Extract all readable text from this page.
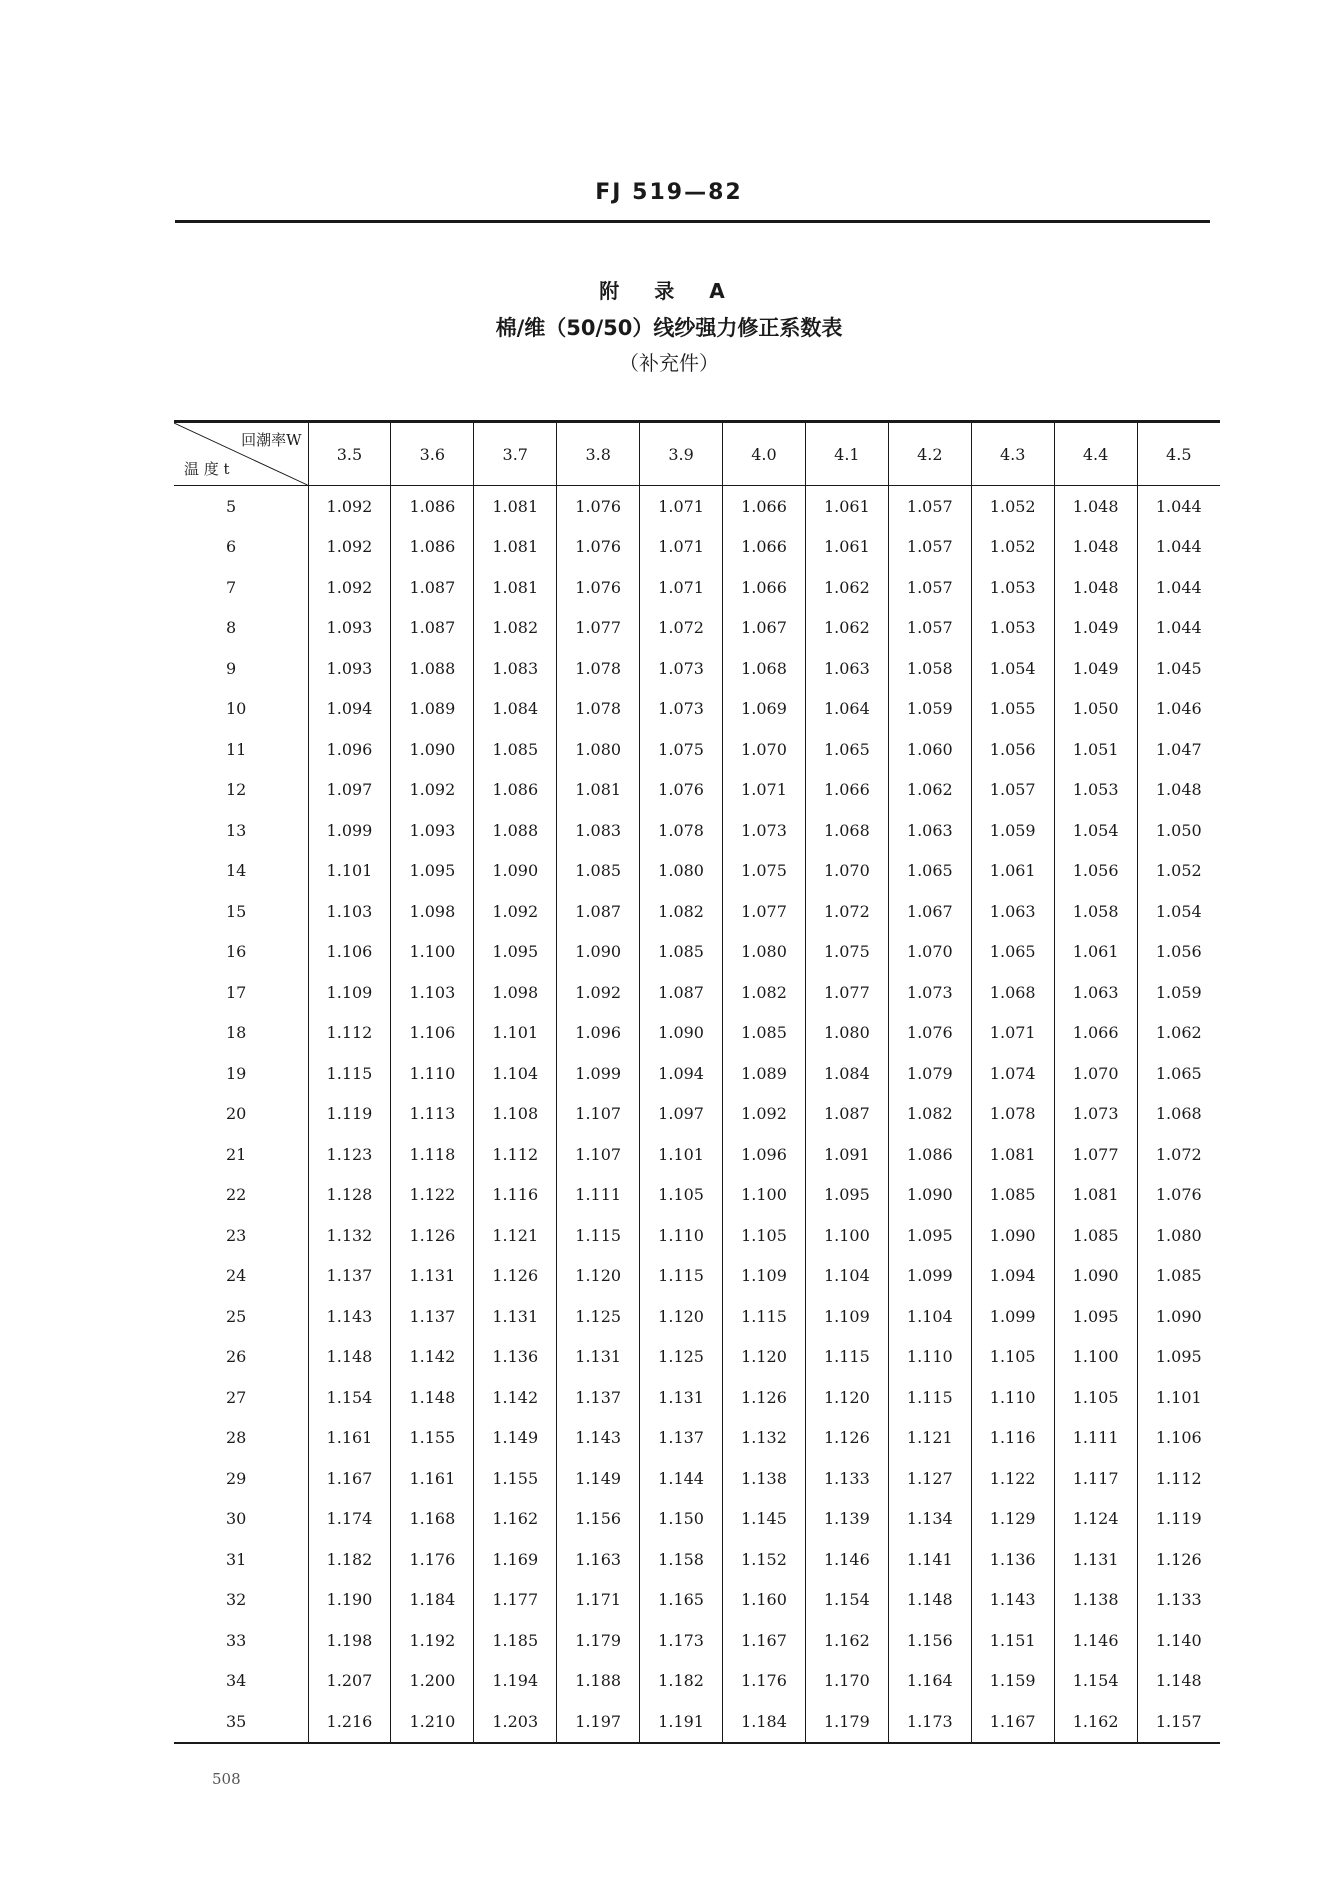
FJ 519—82
附 录 A
棉/维（50/50）线纱强力修正系数表
（补充件）
回潮率W
温 度 t	3.5	3.6	3.7	3.8	3.9	4.0	4.1	4.2	4.3	4.4	4.5
5	1.092	1.086	1.081	1.076	1.071	1.066	1.061	1.057	1.052	1.048	1.044
6	1.092	1.086	1.081	1.076	1.071	1.066	1.061	1.057	1.052	1.048	1.044
7	1.092	1.087	1.081	1.076	1.071	1.066	1.062	1.057	1.053	1.048	1.044
8	1.093	1.087	1.082	1.077	1.072	1.067	1.062	1.057	1.053	1.049	1.044
9	1.093	1.088	1.083	1.078	1.073	1.068	1.063	1.058	1.054	1.049	1.045
10	1.094	1.089	1.084	1.078	1.073	1.069	1.064	1.059	1.055	1.050	1.046
11	1.096	1.090	1.085	1.080	1.075	1.070	1.065	1.060	1.056	1.051	1.047
12	1.097	1.092	1.086	1.081	1.076	1.071	1.066	1.062	1.057	1.053	1.048
13	1.099	1.093	1.088	1.083	1.078	1.073	1.068	1.063	1.059	1.054	1.050
14	1.101	1.095	1.090	1.085	1.080	1.075	1.070	1.065	1.061	1.056	1.052
15	1.103	1.098	1.092	1.087	1.082	1.077	1.072	1.067	1.063	1.058	1.054
16	1.106	1.100	1.095	1.090	1.085	1.080	1.075	1.070	1.065	1.061	1.056
17	1.109	1.103	1.098	1.092	1.087	1.082	1.077	1.073	1.068	1.063	1.059
18	1.112	1.106	1.101	1.096	1.090	1.085	1.080	1.076	1.071	1.066	1.062
19	1.115	1.110	1.104	1.099	1.094	1.089	1.084	1.079	1.074	1.070	1.065
20	1.119	1.113	1.108	1.107	1.097	1.092	1.087	1.082	1.078	1.073	1.068
21	1.123	1.118	1.112	1.107	1.101	1.096	1.091	1.086	1.081	1.077	1.072
22	1.128	1.122	1.116	1.111	1.105	1.100	1.095	1.090	1.085	1.081	1.076
23	1.132	1.126	1.121	1.115	1.110	1.105	1.100	1.095	1.090	1.085	1.080
24	1.137	1.131	1.126	1.120	1.115	1.109	1.104	1.099	1.094	1.090	1.085
25	1.143	1.137	1.131	1.125	1.120	1.115	1.109	1.104	1.099	1.095	1.090
26	1.148	1.142	1.136	1.131	1.125	1.120	1.115	1.110	1.105	1.100	1.095
27	1.154	1.148	1.142	1.137	1.131	1.126	1.120	1.115	1.110	1.105	1.101
28	1.161	1.155	1.149	1.143	1.137	1.132	1.126	1.121	1.116	1.111	1.106
29	1.167	1.161	1.155	1.149	1.144	1.138	1.133	1.127	1.122	1.117	1.112
30	1.174	1.168	1.162	1.156	1.150	1.145	1.139	1.134	1.129	1.124	1.119
31	1.182	1.176	1.169	1.163	1.158	1.152	1.146	1.141	1.136	1.131	1.126
32	1.190	1.184	1.177	1.171	1.165	1.160	1.154	1.148	1.143	1.138	1.133
33	1.198	1.192	1.185	1.179	1.173	1.167	1.162	1.156	1.151	1.146	1.140
34	1.207	1.200	1.194	1.188	1.182	1.176	1.170	1.164	1.159	1.154	1.148
35	1.216	1.210	1.203	1.197	1.191	1.184	1.179	1.173	1.167	1.162	1.157
508
